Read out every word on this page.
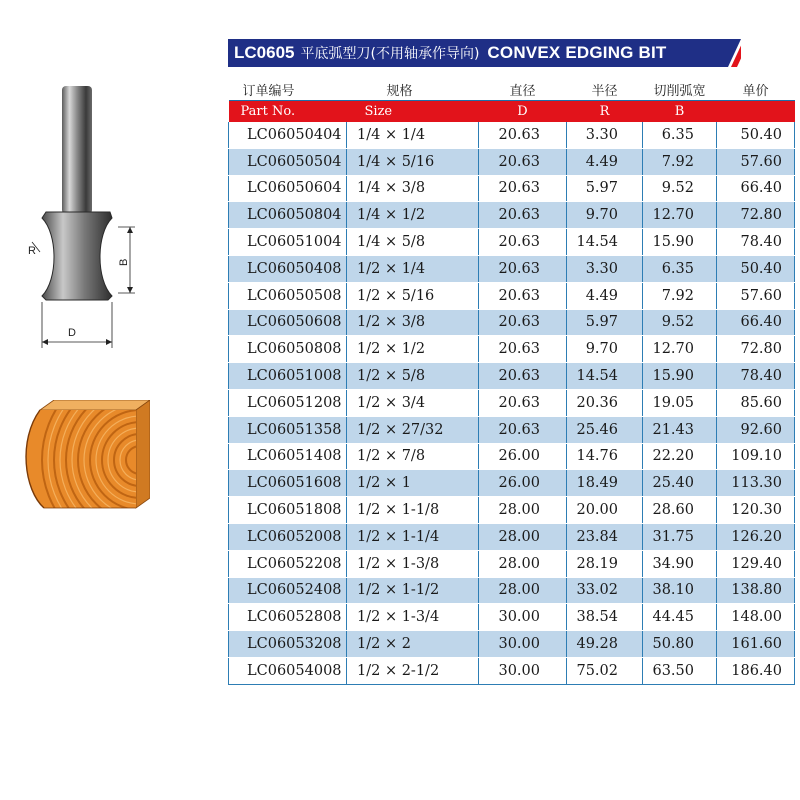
R
B
D
LC0605 平底弧型刀(不用轴承作导向) CONVEX EDGING BIT
订单编号	规格	直径	半径	切削弧宽	单价
Part No.	Size	D	R	B	
LC06050404	1/4 × 1/4	20.63	3.30	6.35	50.40
LC06050504	1/4 × 5/16	20.63	4.49	7.92	57.60
LC06050604	1/4 × 3/8	20.63	5.97	9.52	66.40
LC06050804	1/4 × 1/2	20.63	9.70	12.70	72.80
LC06051004	1/4 × 5/8	20.63	14.54	15.90	78.40
LC06050408	1/2 × 1/4	20.63	3.30	6.35	50.40
LC06050508	1/2 × 5/16	20.63	4.49	7.92	57.60
LC06050608	1/2 × 3/8	20.63	5.97	9.52	66.40
LC06050808	1/2 × 1/2	20.63	9.70	12.70	72.80
LC06051008	1/2 × 5/8	20.63	14.54	15.90	78.40
LC06051208	1/2 × 3/4	20.63	20.36	19.05	85.60
LC06051358	1/2 × 27/32	20.63	25.46	21.43	92.60
LC06051408	1/2 × 7/8	26.00	14.76	22.20	109.10
LC06051608	1/2 × 1	26.00	18.49	25.40	113.30
LC06051808	1/2 × 1-1/8	28.00	20.00	28.60	120.30
LC06052008	1/2 × 1-1/4	28.00	23.84	31.75	126.20
LC06052208	1/2 × 1-3/8	28.00	28.19	34.90	129.40
LC06052408	1/2 × 1-1/2	28.00	33.02	38.10	138.80
LC06052808	1/2 × 1-3/4	30.00	38.54	44.45	148.00
LC06053208	1/2 × 2	30.00	49.28	50.80	161.60
LC06054008	1/2 × 2-1/2	30.00	75.02	63.50	186.40
